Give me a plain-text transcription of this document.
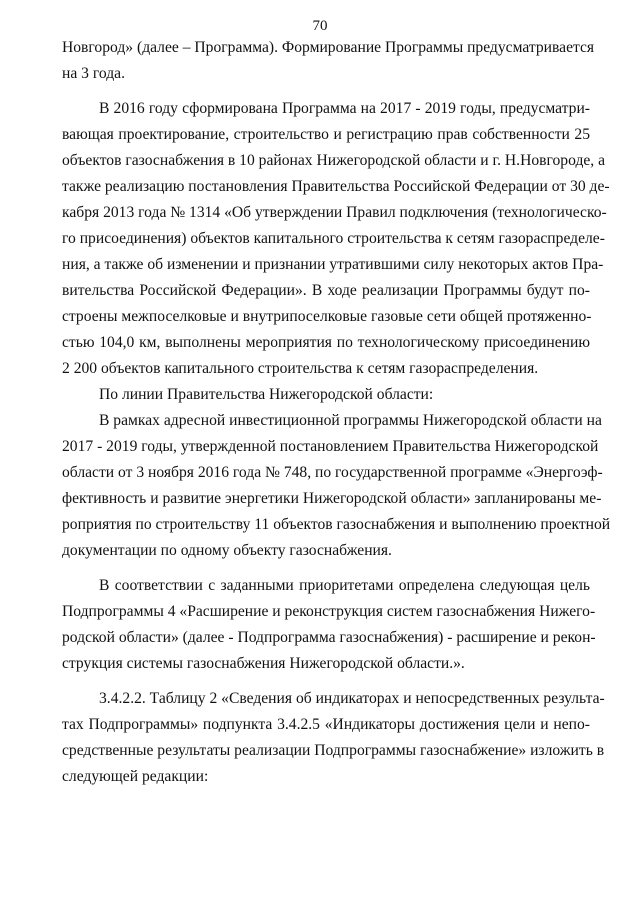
70
Новгород» (далее – Программа). Формирование Программы предусматривается
на 3 года.
В 2016 году сформирована Программа на 2017 - 2019 годы, предусматри-
вающая проектирование, строительство и регистрацию прав собственности 25
объектов газоснабжения в 10 районах Нижегородской области и г. Н.Новгороде, а
также реализацию постановления Правительства Российской Федерации от 30 де-
кабря 2013 года № 1314 «Об утверждении Правил подключения (технологическо-
го присоединения) объектов капитального строительства к сетям газораспределе-
ния, а также об изменении и признании утратившими силу некоторых актов Пра-
вительства Российской Федерации». В ходе реализации Программы будут по-
строены межпоселковые и внутрипоселковые газовые сети общей протяженно-
стью 104,0 км, выполнены мероприятия по технологическому присоединению
2 200 объектов капитального строительства к сетям газораспределения.
По линии Правительства Нижегородской области:
В рамках адресной инвестиционной программы Нижегородской области на
2017 - 2019 годы, утвержденной постановлением Правительства Нижегородской
области от 3 ноября 2016 года № 748, по государственной программе «Энергоэф-
фективность и развитие энергетики Нижегородской области» запланированы ме-
роприятия по строительству 11 объектов газоснабжения и выполнению проектной
документации по одному объекту газоснабжения.
В соответствии с заданными приоритетами определена следующая цель
Подпрограммы 4 «Расширение и реконструкция систем газоснабжения Нижего-
родской области» (далее - Подпрограмма газоснабжения) - расширение и рекон-
струкция системы газоснабжения Нижегородской области.».
3.4.2.2. Таблицу 2 «Сведения об индикаторах и непосредственных результа-
тах Подпрограммы» подпункта 3.4.2.5 «Индикаторы достижения цели и непо-
средственные результаты реализации Подпрограммы газоснабжение» изложить в
следующей редакции:
